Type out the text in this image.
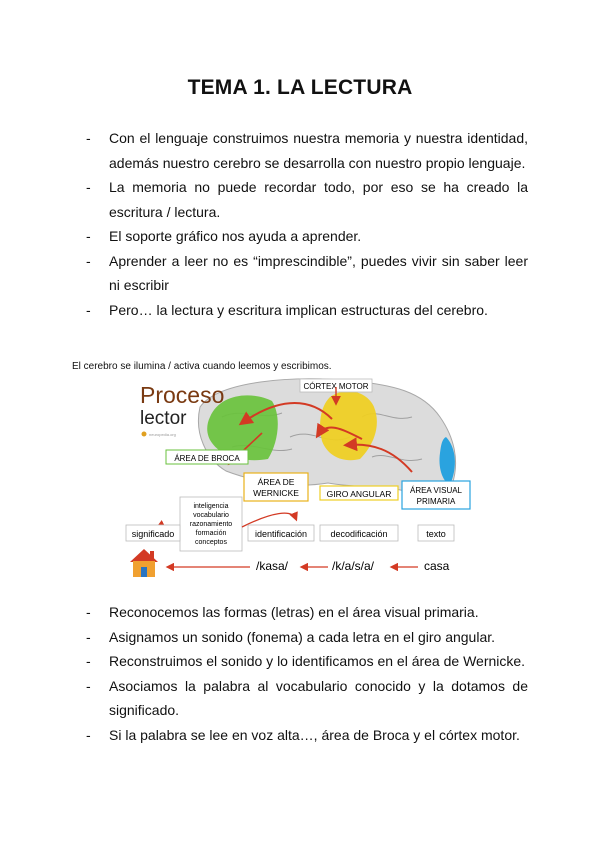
TEMA 1. LA LECTURA
- Con el lenguaje construimos nuestra memoria y nuestra identidad, además nuestro cerebro se desarrolla con nuestro propio lenguaje.
- La memoria no puede recordar todo, por eso se ha creado la escritura / lectura.
- El soporte gráfico nos ayuda a aprender.
- Aprender a leer no es “imprescindible”, puedes vivir sin saber leer ni escribir
- Pero… la lectura y escritura implican estructuras del cerebro.
El cerebro se ilumina / activa cuando leemos y escribimos.
Proceso
lector
neuropedia.org
CÓRTEX MOTOR
ÁREA DE BROCA
ÁREA DE
WERNICKE	GIRO ANGULAR ÁREA VISUAL
PRIMARIA
inteligencia
vocabulario
razonamiento
formación
conceptos
significado	identificación	decodificación	texto
/kasa/	/k/a/s/a/	casa
- Reconocemos las formas (letras) en el área visual primaria.
- Asignamos un sonido (fonema) a cada letra en el giro angular.
- Reconstruimos el sonido y lo identificamos en el área de Wernicke.
- Asociamos la palabra al vocabulario conocido y la dotamos de significado.
- Si la palabra se lee en voz alta…, área de Broca y el córtex motor.
